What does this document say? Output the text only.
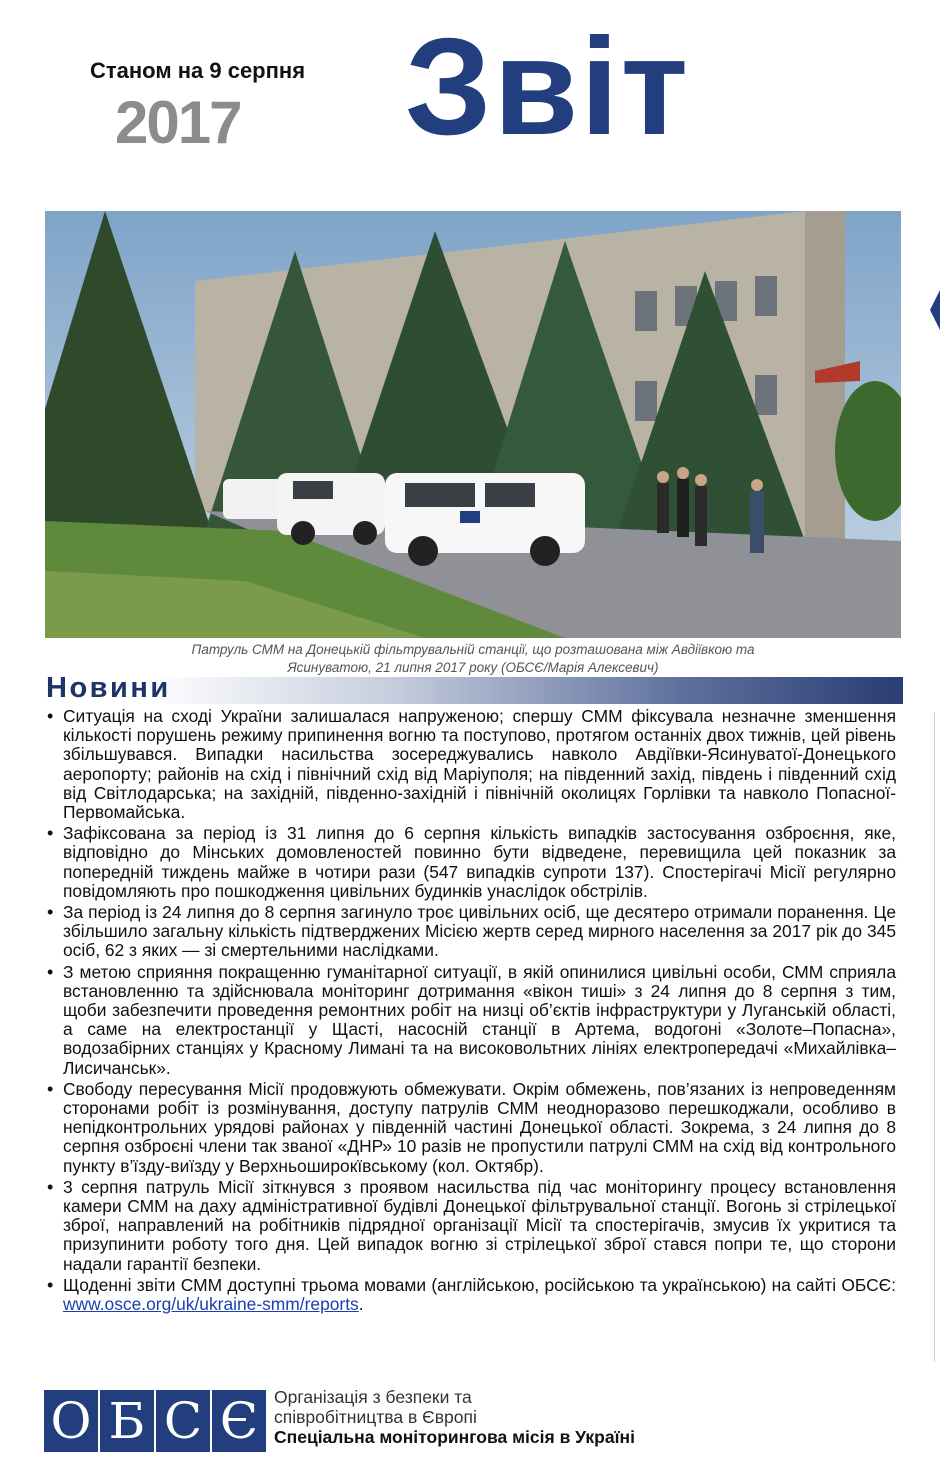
Станом на 9 серпня
2017 Звіт
Патруль СММ на Донецькій фільтрувальній станції, що розташована між Авдіївкою та
Ясинуватою, 21 липня 2017 року (ОБСЄ/Марія Алексевич)
Новини
• Ситуація на сході України залишалася напруженою; спершу СММ фіксувала незначне зменшення кількості порушень режиму припинення вогню та поступово, протягом останніх двох тижнів, цей рівень збільшувався. Випадки насильства зосереджувались навколо Авдіївки-Ясинуватої-Донецького аеропорту; районів на схід і північний схід від Маріуполя; на південний захід, південь і південний схід від Світлодарська; на західній, південно-західній і північній околицях Горлівки та навколо Попасної-Первомайська.
• Зафіксована за період із 31 липня до 6 серпня кількість випадків застосування озброєння, яке, відповідно до Мінських домовленостей повинно бути відведене, перевищила цей показник за попередній тиждень майже в чотири рази (547 випадків супроти 137). Спостерігачі Місії регулярно повідомляють про пошкодження цивільних будинків унаслідок обстрілів.
• За період із 24 липня до 8 серпня загинуло троє цивільних осіб, ще десятеро отримали поранення. Це збільшило загальну кількість підтверджених Місією жертв серед мирного населення за 2017 рік до 345 осіб, 62 з яких — зі смертельними наслідками.
• З метою сприяння покращенню гуманітарної ситуації, в якій опинилися цивільні особи, СММ сприяла встановленню та здійснювала моніторинг дотримання «вікон тиші» з 24 липня до 8 серпня з тим, щоби забезпечити проведення ремонтних робіт на низці об’єктів інфраструктури у Луганській області, а саме на електростанції у Щасті, насосній станції в Артема, водогоні «Золоте–Попасна», водозабірних станціях у Красному Лимані та на високовольтних лініях електропередачі «Михайлівка–Лисичанськ».
• Свободу пересування Місії продовжують обмежувати. Окрім обмежень, пов’язаних із непроведенням сторонами робіт із розмінування, доступу патрулів СММ неодноразово перешкоджали, особливо в непідконтрольних урядові районах у південній частині Донецької області. Зокрема, з 24 липня до 8 серпня озброєні члени так званої «ДНР» 10 разів не пропустили патрулі СММ на схід від контрольного пункту в’їзду-виїзду у Верхньоширокївському (кол. Октябр).
• 3 серпня патруль Місії зіткнувся з проявом насильства під час моніторингу процесу встановлення камери СММ на даху адміністративної будівлі Донецької фільтрувальної станції. Вогонь зі стрілецької зброї, направлений на робітників підрядної організації Місії та спостерігачів, змусив їх укритися та призупинити роботу того дня. Цей випадок вогню зі стрілецької зброї стався попри те, що сторони надали гарантії безпеки.
• Щоденні звіти СММ доступні трьома мовами (англійською, російською та українською) на сайті ОБСЄ: www.osce.org/uk/ukraine-smm/reports.
О Б С Є Організація з безпеки та
співробітництва в Європі
Спеціальна моніторингова місія в Україні
